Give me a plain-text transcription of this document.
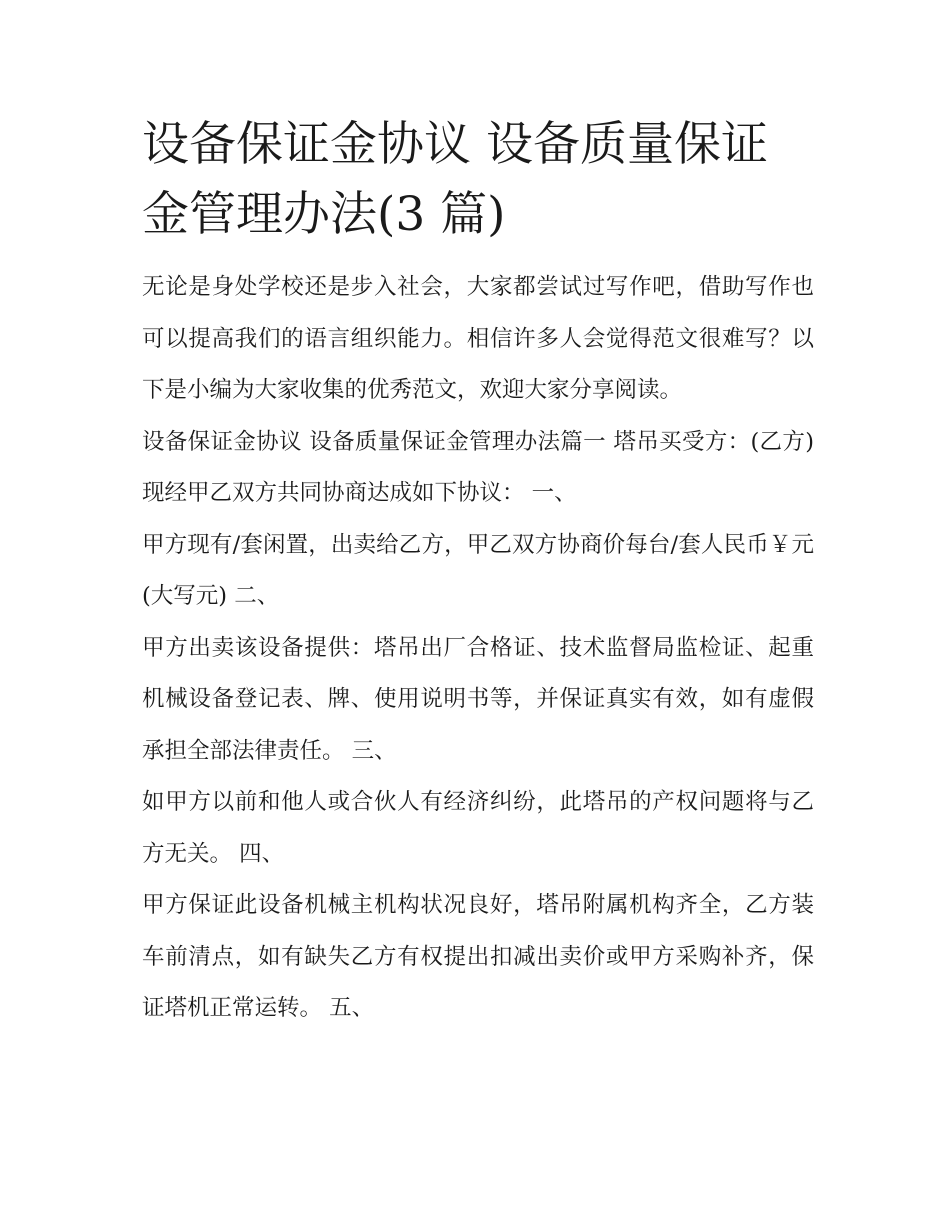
设备保证金协议 设备质量保证
金管理办法(3 篇)

无论是身处学校还是步入社会，大家都尝试过写作吧，借助写作也可以提高我们的语言组织能力。相信许多人会觉得范文很难写？以下是小编为大家收集的优秀范文，欢迎大家分享阅读。

设备保证金协议 设备质量保证金管理办法篇一 塔吊买受方：(乙方) 现经甲乙双方共同协商达成如下协议： 一、

甲方现有/套闲置，出卖给乙方，甲乙双方协商价每台/套人民币￥元(大写元) 二、

甲方出卖该设备提供：塔吊出厂合格证、技术监督局监检证、起重机械设备登记表、牌、使用说明书等，并保证真实有效，如有虚假承担全部法律责任。 三、

如甲方以前和他人或合伙人有经济纠纷，此塔吊的产权问题将与乙方无关。 四、

甲方保证此设备机械主机构状况良好，塔吊附属机构齐全，乙方装车前清点，如有缺失乙方有权提出扣减出卖价或甲方采购补齐，保证塔机正常运转。 五、
